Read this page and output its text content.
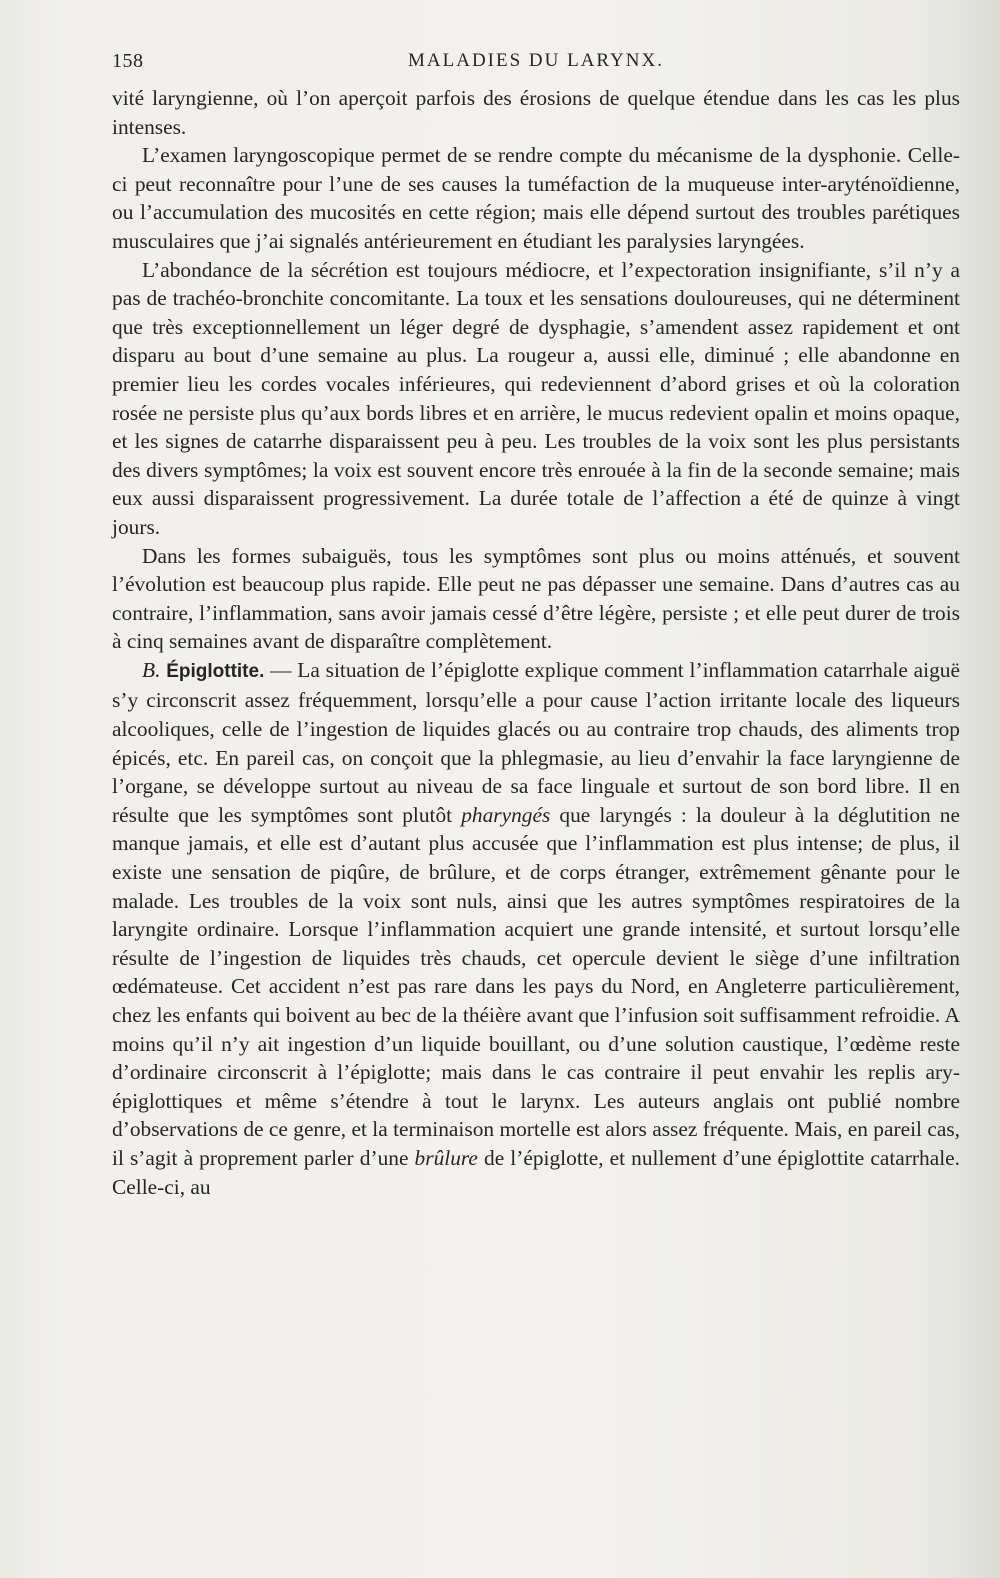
158	MALADIES DU LARYNX.

vité laryngienne, où l’on aperçoit parfois des érosions de quelque étendue dans les cas les plus intenses.

L’examen laryngoscopique permet de se rendre compte du mécanisme de la dysphonie. Celle-ci peut reconnaître pour l’une de ses causes la tuméfaction de la muqueuse inter-aryténoïdienne, ou l’accumulation des mucosités en cette région; mais elle dépend surtout des troubles parétiques musculaires que j’ai signalés antérieurement en étudiant les paralysies laryngées.

L’abondance de la sécrétion est toujours médiocre, et l’expectoration insignifiante, s’il n’y a pas de trachéo-bronchite concomitante. La toux et les sensations douloureuses, qui ne déterminent que très exceptionnellement un léger degré de dysphagie, s’amendent assez rapidement et ont disparu au bout d’une semaine au plus. La rougeur a, aussi elle, diminué ; elle abandonne en premier lieu les cordes vocales inférieures, qui redeviennent d’abord grises et où la coloration rosée ne persiste plus qu’aux bords libres et en arrière, le mucus redevient opalin et moins opaque, et les signes de catarrhe disparaissent peu à peu. Les troubles de la voix sont les plus persistants des divers symptômes; la voix est souvent encore très enrouée à la fin de la seconde semaine; mais eux aussi disparaissent progressivement. La durée totale de l’affection a été de quinze à vingt jours.

Dans les formes subaiguës, tous les symptômes sont plus ou moins atténués, et souvent l’évolution est beaucoup plus rapide. Elle peut ne pas dépasser une semaine. Dans d’autres cas au contraire, l’inflammation, sans avoir jamais cessé d’être légère, persiste ; et elle peut durer de trois à cinq semaines avant de disparaître complètement.

B. Épiglottite. — La situation de l’épiglotte explique comment l’inflammation catarrhale aiguë s’y circonscrit assez fréquemment, lorsqu’elle a pour cause l’action irritante locale des liqueurs alcooliques, celle de l’ingestion de liquides glacés ou au contraire trop chauds, des aliments trop épicés, etc. En pareil cas, on conçoit que la phlegmasie, au lieu d’envahir la face laryngienne de l’organe, se développe surtout au niveau de sa face linguale et surtout de son bord libre. Il en résulte que les symptômes sont plutôt pharyngés que laryngés : la douleur à la déglutition ne manque jamais, et elle est d’autant plus accusée que l’inflammation est plus intense; de plus, il existe une sensation de piqûre, de brûlure, et de corps étranger, extrêmement gênante pour le malade. Les troubles de la voix sont nuls, ainsi que les autres symptômes respiratoires de la laryngite ordinaire. Lorsque l’inflammation acquiert une grande intensité, et surtout lorsqu’elle résulte de l’ingestion de liquides très chauds, cet opercule devient le siège d’une infiltration œdémateuse. Cet accident n’est pas rare dans les pays du Nord, en Angleterre particulièrement, chez les enfants qui boivent au bec de la théière avant que l’infusion soit suffisamment refroidie. A moins qu’il n’y ait ingestion d’un liquide bouillant, ou d’une solution caustique, l’œdème reste d’ordinaire circonscrit à l’épiglotte; mais dans le cas contraire il peut envahir les replis ary-épiglottiques et même s’étendre à tout le larynx. Les auteurs anglais ont publié nombre d’observations de ce genre, et la terminaison mortelle est alors assez fréquente. Mais, en pareil cas, il s’agit à proprement parler d’une brûlure de l’épiglotte, et nullement d’une épiglottite catarrhale. Celle-ci, au
